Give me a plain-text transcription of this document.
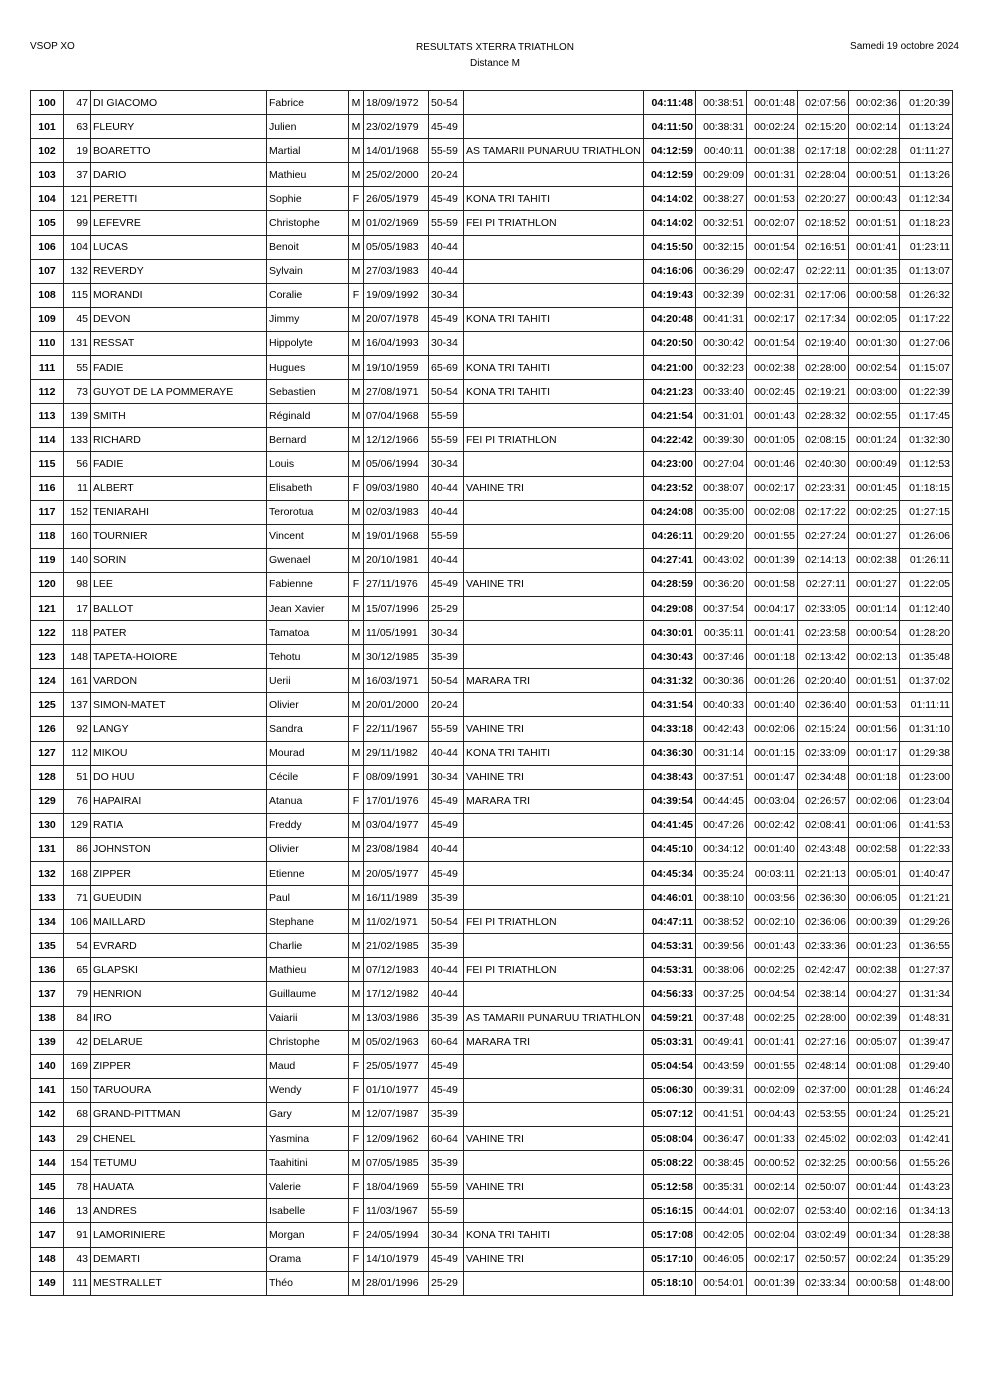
VSOP XO	RESULTATS XTERRA TRIATHLON
Distance M
Samedi 19 octobre 2024
100	47	DI GIACOMO	Fabrice	M	18/09/1972	50-54		04:11:48	00:38:51	00:01:48	02:07:56	00:02:36	01:20:39
101	63	FLEURY	Julien	M	23/02/1979	45-49		04:11:50	00:38:31	00:02:24	02:15:20	00:02:14	01:13:24
102	19	BOARETTO	Martial	M	14/01/1968	55-59	AS TAMARII PUNARUU TRIATHLON	04:12:59	00:40:11	00:01:38	02:17:18	00:02:28	01:11:27
103	37	DARIO	Mathieu	M	25/02/2000	20-24		04:12:59	00:29:09	00:01:31	02:28:04	00:00:51	01:13:26
104	121	PERETTI	Sophie	F	26/05/1979	45-49	KONA TRI TAHITI	04:14:02	00:38:27	00:01:53	02:20:27	00:00:43	01:12:34
105	99	LEFEVRE	Christophe	M	01/02/1969	55-59	FEI PI TRIATHLON	04:14:02	00:32:51	00:02:07	02:18:52	00:01:51	01:18:23
106	104	LUCAS	Benoit	M	05/05/1983	40-44		04:15:50	00:32:15	00:01:54	02:16:51	00:01:41	01:23:11
107	132	REVERDY	Sylvain	M	27/03/1983	40-44		04:16:06	00:36:29	00:02:47	02:22:11	00:01:35	01:13:07
108	115	MORANDI	Coralie	F	19/09/1992	30-34		04:19:43	00:32:39	00:02:31	02:17:06	00:00:58	01:26:32
109	45	DEVON	Jimmy	M	20/07/1978	45-49	KONA TRI TAHITI	04:20:48	00:41:31	00:02:17	02:17:34	00:02:05	01:17:22
110	131	RESSAT	Hippolyte	M	16/04/1993	30-34		04:20:50	00:30:42	00:01:54	02:19:40	00:01:30	01:27:06
111	55	FADIE	Hugues	M	19/10/1959	65-69	KONA TRI TAHITI	04:21:00	00:32:23	00:02:38	02:28:00	00:02:54	01:15:07
112	73	GUYOT DE LA POMMERAYE	Sebastien	M	27/08/1971	50-54	KONA TRI TAHITI	04:21:23	00:33:40	00:02:45	02:19:21	00:03:00	01:22:39
113	139	SMITH	Réginald	M	07/04/1968	55-59		04:21:54	00:31:01	00:01:43	02:28:32	00:02:55	01:17:45
114	133	RICHARD	Bernard	M	12/12/1966	55-59	FEI PI TRIATHLON	04:22:42	00:39:30	00:01:05	02:08:15	00:01:24	01:32:30
115	56	FADIE	Louis	M	05/06/1994	30-34		04:23:00	00:27:04	00:01:46	02:40:30	00:00:49	01:12:53
116	11	ALBERT	Elisabeth	F	09/03/1980	40-44	VAHINE TRI	04:23:52	00:38:07	00:02:17	02:23:31	00:01:45	01:18:15
117	152	TENIARAHI	Terorotua	M	02/03/1983	40-44		04:24:08	00:35:00	00:02:08	02:17:22	00:02:25	01:27:15
118	160	TOURNIER	Vincent	M	19/01/1968	55-59		04:26:11	00:29:20	00:01:55	02:27:24	00:01:27	01:26:06
119	140	SORIN	Gwenael	M	20/10/1981	40-44		04:27:41	00:43:02	00:01:39	02:14:13	00:02:38	01:26:11
120	98	LEE	Fabienne	F	27/11/1976	45-49	VAHINE TRI	04:28:59	00:36:20	00:01:58	02:27:11	00:01:27	01:22:05
121	17	BALLOT	Jean Xavier	M	15/07/1996	25-29		04:29:08	00:37:54	00:04:17	02:33:05	00:01:14	01:12:40
122	118	PATER	Tamatoa	M	11/05/1991	30-34		04:30:01	00:35:11	00:01:41	02:23:58	00:00:54	01:28:20
123	148	TAPETA-HOIORE	Tehotu	M	30/12/1985	35-39		04:30:43	00:37:46	00:01:18	02:13:42	00:02:13	01:35:48
124	161	VARDON	Uerii	M	16/03/1971	50-54	MARARA TRI	04:31:32	00:30:36	00:01:26	02:20:40	00:01:51	01:37:02
125	137	SIMON-MATET	Olivier	M	20/01/2000	20-24		04:31:54	00:40:33	00:01:40	02:36:40	00:01:53	01:11:11
126	92	LANGY	Sandra	F	22/11/1967	55-59	VAHINE TRI	04:33:18	00:42:43	00:02:06	02:15:24	00:01:56	01:31:10
127	112	MIKOU	Mourad	M	29/11/1982	40-44	KONA TRI TAHITI	04:36:30	00:31:14	00:01:15	02:33:09	00:01:17	01:29:38
128	51	DO HUU	Cécile	F	08/09/1991	30-34	VAHINE TRI	04:38:43	00:37:51	00:01:47	02:34:48	00:01:18	01:23:00
129	76	HAPAIRAI	Atanua	F	17/01/1976	45-49	MARARA TRI	04:39:54	00:44:45	00:03:04	02:26:57	00:02:06	01:23:04
130	129	RATIA	Freddy	M	03/04/1977	45-49		04:41:45	00:47:26	00:02:42	02:08:41	00:01:06	01:41:53
131	86	JOHNSTON	Olivier	M	23/08/1984	40-44		04:45:10	00:34:12	00:01:40	02:43:48	00:02:58	01:22:33
132	168	ZIPPER	Etienne	M	20/05/1977	45-49		04:45:34	00:35:24	00:03:11	02:21:13	00:05:01	01:40:47
133	71	GUEUDIN	Paul	M	16/11/1989	35-39		04:46:01	00:38:10	00:03:56	02:36:30	00:06:05	01:21:21
134	106	MAILLARD	Stephane	M	11/02/1971	50-54	FEI PI TRIATHLON	04:47:11	00:38:52	00:02:10	02:36:06	00:00:39	01:29:26
135	54	EVRARD	Charlie	M	21/02/1985	35-39		04:53:31	00:39:56	00:01:43	02:33:36	00:01:23	01:36:55
136	65	GLAPSKI	Mathieu	M	07/12/1983	40-44	FEI PI TRIATHLON	04:53:31	00:38:06	00:02:25	02:42:47	00:02:38	01:27:37
137	79	HENRION	Guillaume	M	17/12/1982	40-44		04:56:33	00:37:25	00:04:54	02:38:14	00:04:27	01:31:34
138	84	IRO	Vaiarii	M	13/03/1986	35-39	AS TAMARII PUNARUU TRIATHLON	04:59:21	00:37:48	00:02:25	02:28:00	00:02:39	01:48:31
139	42	DELARUE	Christophe	M	05/02/1963	60-64	MARARA TRI	05:03:31	00:49:41	00:01:41	02:27:16	00:05:07	01:39:47
140	169	ZIPPER	Maud	F	25/05/1977	45-49		05:04:54	00:43:59	00:01:55	02:48:14	00:01:08	01:29:40
141	150	TARUOURA	Wendy	F	01/10/1977	45-49		05:06:30	00:39:31	00:02:09	02:37:00	00:01:28	01:46:24
142	68	GRAND-PITTMAN	Gary	M	12/07/1987	35-39		05:07:12	00:41:51	00:04:43	02:53:55	00:01:24	01:25:21
143	29	CHENEL	Yasmina	F	12/09/1962	60-64	VAHINE TRI	05:08:04	00:36:47	00:01:33	02:45:02	00:02:03	01:42:41
144	154	TETUMU	Taahitini	M	07/05/1985	35-39		05:08:22	00:38:45	00:00:52	02:32:25	00:00:56	01:55:26
145	78	HAUATA	Valerie	F	18/04/1969	55-59	VAHINE TRI	05:12:58	00:35:31	00:02:14	02:50:07	00:01:44	01:43:23
146	13	ANDRES	Isabelle	F	11/03/1967	55-59		05:16:15	00:44:01	00:02:07	02:53:40	00:02:16	01:34:13
147	91	LAMORINIERE	Morgan	F	24/05/1994	30-34	KONA TRI TAHITI	05:17:08	00:42:05	00:02:04	03:02:49	00:01:34	01:28:38
148	43	DEMARTI	Orama	F	14/10/1979	45-49	VAHINE TRI	05:17:10	00:46:05	00:02:17	02:50:57	00:02:24	01:35:29
149	111	MESTRALLET	Théo	M	28/01/1996	25-29		05:18:10	00:54:01	00:01:39	02:33:34	00:00:58	01:48:00
